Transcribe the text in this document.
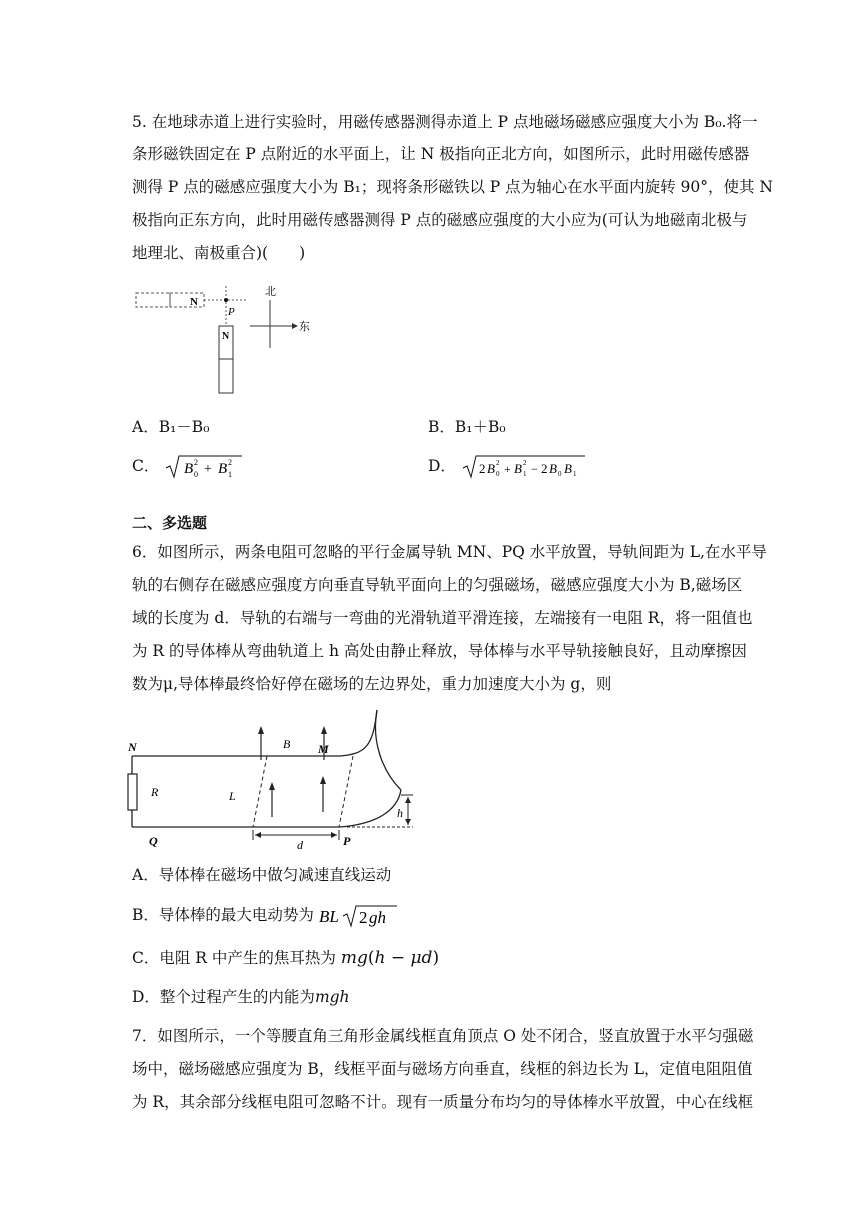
5. 在地球赤道上进行实验时，用磁传感器测得赤道上 P 点地磁场磁感应强度大小为 B₀.将一
条形磁铁固定在 P 点附近的水平面上，让 N 极指向正北方向，如图所示，此时用磁传感器
测得 P 点的磁感应强度大小为 B₁；现将条形磁铁以 P 点为轴心在水平面内旋转 90°，使其 N
极指向正东方向，此时用磁传感器测得 P 点的磁感应强度的大小应为(可认为地磁南北极与
地理北、南极重合)(　　)
N
P
N
北
东
A．B₁－B₀	B．B₁＋B₀
C． B 2
0 + B 2
1	D． 2 B 2
0 + B 2
1 − 2 B 0 B 1
二、多选题
6．如图所示，两条电阻可忽略的平行金属导轨 MN、PQ 水平放置，导轨间距为 L,在水平导
轨的右侧存在磁感应强度方向垂直导轨平面向上的匀强磁场，磁感应强度大小为 B,磁场区
域的长度为 d．导轨的右端与一弯曲的光滑轨道平滑连接，左端接有一电阻 R，将一阻值也
为 R 的导体棒从弯曲轨道上 h 高处由静止释放，导体棒与水平导轨接触良好，且动摩擦因
数为μ,导体棒最终恰好停在磁场的左边界处，重力加速度大小为 g，则
N	M
Q	P
R	L
B
d
h
A．导体棒在磁场中做匀减速直线运动
B．导体棒的最大电动势为 BL 2 gh
C．电阻 R 中产生的焦耳热为 mg(h − μd)
D．整个过程产生的内能为mgh
7．如图所示，一个等腰直角三角形金属线框直角顶点 O 处不闭合，竖直放置于水平匀强磁
场中，磁场磁感应强度为 B，线框平面与磁场方向垂直，线框的斜边长为 L，定值电阻阻值
为 R，其余部分线框电阻可忽略不计。现有一质量分布均匀的导体棒水平放置，中心在线框
